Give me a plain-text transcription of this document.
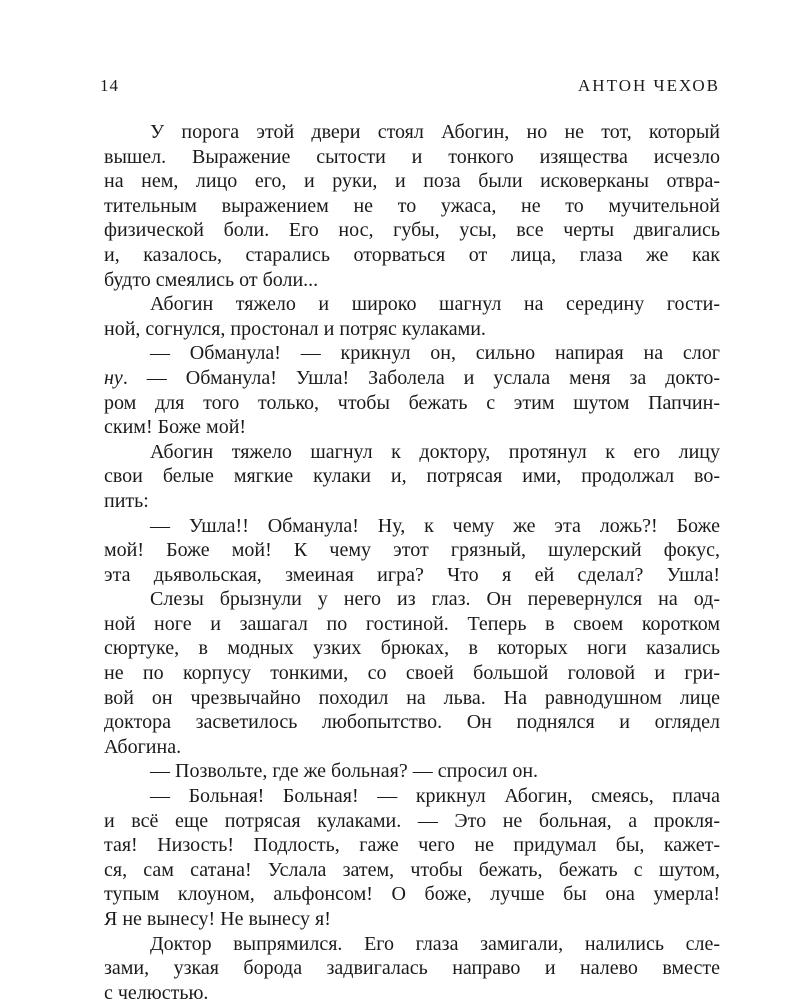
14	АНТОН ЧЕХОВ
У порога этой двери стоял Абогин, но не тот, который
вышел. Выражение сытости и тонкого изящества исчезло
на нем, лицо его, и руки, и поза были исковерканы отвра-
тительным выражением не то ужаса, не то мучительной
физической боли. Его нос, губы, усы, все черты двигались
и, казалось, старались оторваться от лица, глаза же как
будто смеялись от боли...
Абогин тяжело и широко шагнул на середину гости-
ной, согнулся, простонал и потряс кулаками.
— Обманула! — крикнул он, сильно напирая на слог
ну. — Обманула! Ушла! Заболела и услала меня за докто-
ром для того только, чтобы бежать с этим шутом Папчин-
ским! Боже мой!
Абогин тяжело шагнул к доктору, протянул к его лицу
свои белые мягкие кулаки и, потрясая ими, продолжал во-
пить:
— Ушла!! Обманула! Ну, к чему же эта ложь?! Боже
мой! Боже мой! К чему этот грязный, шулерский фокус,
эта дьявольская, змеиная игра? Что я ей сделал? Ушла!
Слезы брызнули у него из глаз. Он перевернулся на од-
ной ноге и зашагал по гостиной. Теперь в своем коротком
сюртуке, в модных узких брюках, в которых ноги казались
не по корпусу тонкими, со своей большой головой и гри-
вой он чрезвычайно походил на льва. На равнодушном лице
доктора засветилось любопытство. Он поднялся и оглядел
Абогина.
— Позвольте, где же больная? — спросил он.
— Больная! Больная! — крикнул Абогин, смеясь, плача
и всё еще потрясая кулаками. — Это не больная, а прокля-
тая! Низость! Подлость, гаже чего не придумал бы, кажет-
ся, сам сатана! Услала затем, чтобы бежать, бежать с шутом,
тупым клоуном, альфонсом! О боже, лучше бы она умерла!
Я не вынесу! Не вынесу я!
Доктор выпрямился. Его глаза замигали, налились сле-
зами, узкая борода задвигалась направо и налево вместе
с челюстью.
